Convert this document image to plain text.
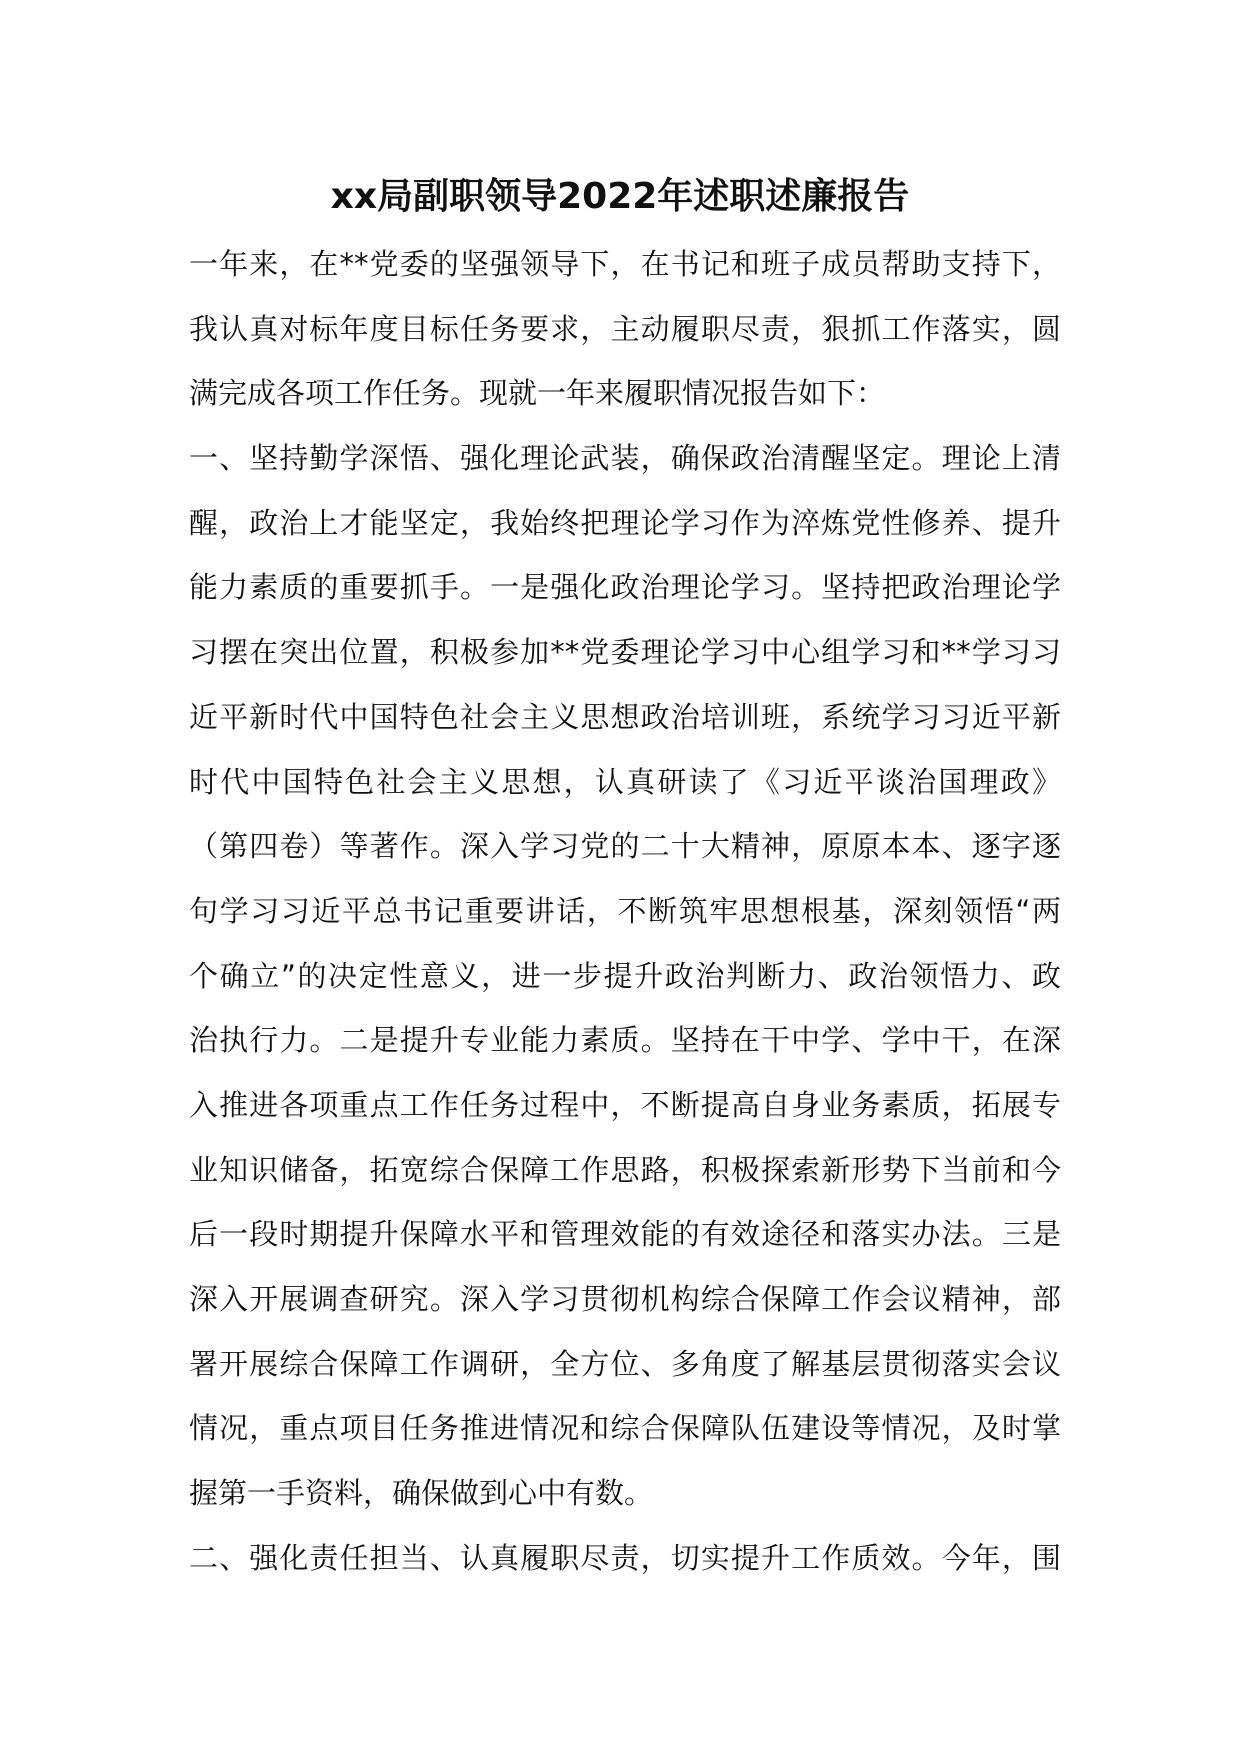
xx局副职领导2022年述职述廉报告
一年来，在**党委的坚强领导下，在书记和班子成员帮助支持下，
我认真对标年度目标任务要求，主动履职尽责，狠抓工作落实，圆
满完成各项工作任务。现就一年来履职情况报告如下：
一、坚持勤学深悟、强化理论武装，确保政治清醒坚定。理论上清
醒，政治上才能坚定，我始终把理论学习作为淬炼党性修养、提升
能力素质的重要抓手。一是强化政治理论学习。坚持把政治理论学
习摆在突出位置，积极参加**党委理论学习中心组学习和**学习习
近平新时代中国特色社会主义思想政治培训班，系统学习习近平新
时代中国特色社会主义思想，认真研读了《习近平谈治国理政》
（第四卷）等著作。深入学习党的二十大精神，原原本本、逐字逐
句学习习近平总书记重要讲话，不断筑牢思想根基，深刻领悟“两
个确立”的决定性意义，进一步提升政治判断力、政治领悟力、政
治执行力。二是提升专业能力素质。坚持在干中学、学中干，在深
入推进各项重点工作任务过程中，不断提高自身业务素质，拓展专
业知识储备，拓宽综合保障工作思路，积极探索新形势下当前和今
后一段时期提升保障水平和管理效能的有效途径和落实办法。三是
深入开展调查研究。深入学习贯彻机构综合保障工作会议精神，部
署开展综合保障工作调研，全方位、多角度了解基层贯彻落实会议
情况，重点项目任务推进情况和综合保障队伍建设等情况，及时掌
握第一手资料，确保做到心中有数。
二、强化责任担当、认真履职尽责，切实提升工作质效。今年，围
